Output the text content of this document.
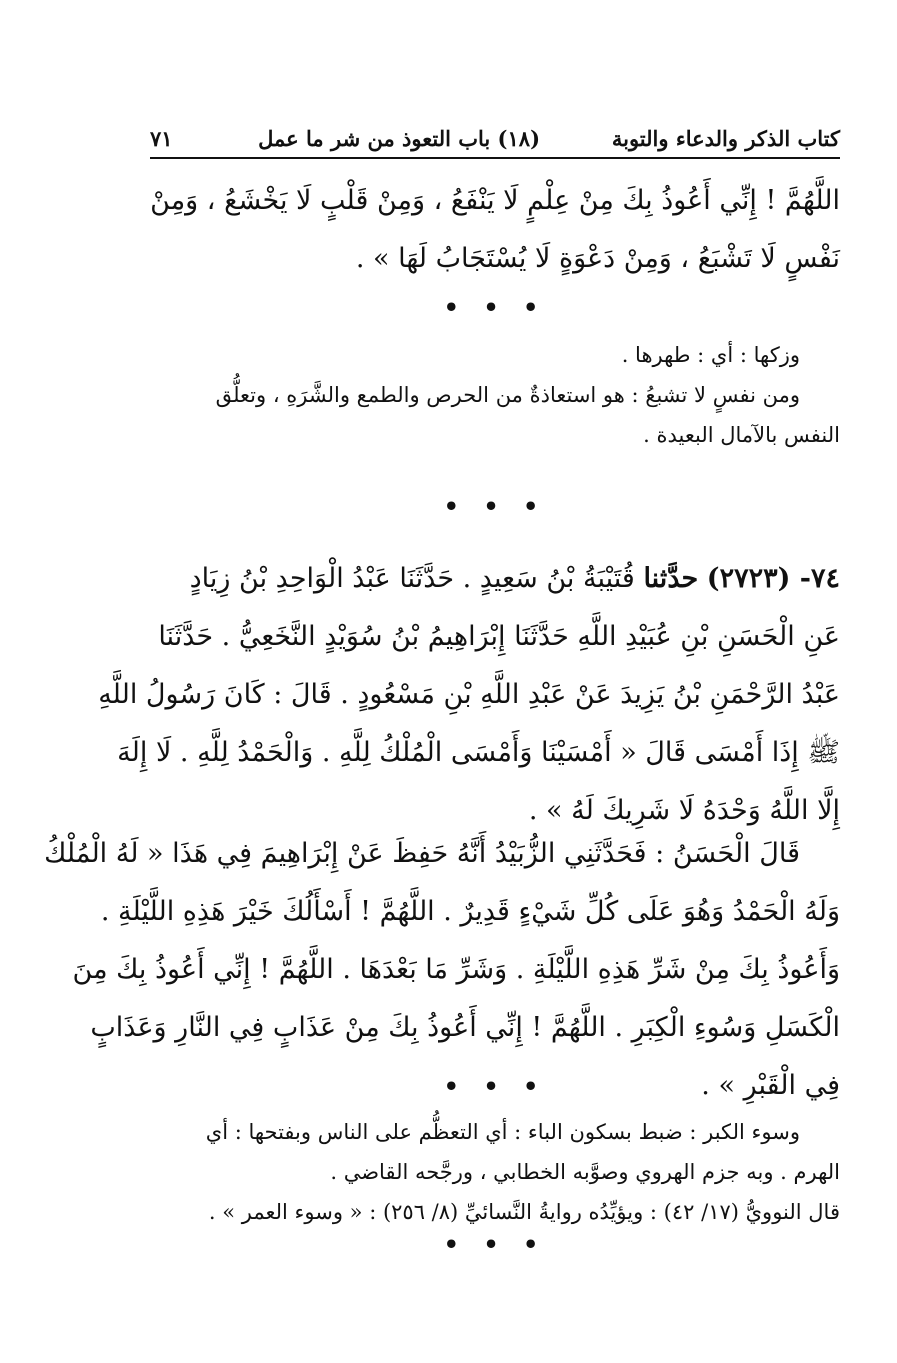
كتاب الذكر والدعاء والتوبة
(١٨) باب التعوذ من شر ما عمل
٧١
اللَّهُمَّ ! إِنِّي أَعُوذُ بِكَ مِنْ عِلْمٍ لَا يَنْفَعُ ، وَمِنْ قَلْبٍ لَا يَخْشَعُ ، وَمِنْ
نَفْسٍ لَا تَشْبَعُ ، وَمِنْ دَعْوَةٍ لَا يُسْتَجَابُ لَهَا » .
• • •
وزكها : أي : طهرها .
ومن نفسٍ لا تشبعُ : هو استعاذةٌ من الحرص والطمع والشَّرَهِ ، وتعلُّق
النفس بالآمال البعيدة .
• • •
٧٤- (٢٧٢٣) حدَّثنا قُتَيْبَةُ بْنُ سَعِيدٍ . حَدَّثَنَا عَبْدُ الْوَاحِدِ بْنُ زِيَادٍ
عَنِ الْحَسَنِ بْنِ عُبَيْدِ اللَّهِ حَدَّثَنَا إِبْرَاهِيمُ بْنُ سُوَيْدٍ النَّخَعِيُّ . حَدَّثَنَا
عَبْدُ الرَّحْمَنِ بْنُ يَزِيدَ عَنْ عَبْدِ اللَّهِ بْنِ مَسْعُودٍ . قَالَ : كَانَ رَسُولُ اللَّهِ
ﷺ إِذَا أَمْسَى قَالَ « أَمْسَيْنَا وَأَمْسَى الْمُلْكُ لِلَّهِ . وَالْحَمْدُ لِلَّهِ . لَا إِلَهَ
إِلَّا اللَّهُ وَحْدَهُ لَا شَرِيكَ لَهُ » .
قَالَ الْحَسَنُ : فَحَدَّثَنِي الزُّبَيْدُ أَنَّهُ حَفِظَ عَنْ إِبْرَاهِيمَ فِي هَذَا « لَهُ الْمُلْكُ
وَلَهُ الْحَمْدُ وَهُوَ عَلَى كُلِّ شَيْءٍ قَدِيرٌ . اللَّهُمَّ ! أَسْأَلُكَ خَيْرَ هَذِهِ اللَّيْلَةِ .
وَأَعُوذُ بِكَ مِنْ شَرِّ هَذِهِ اللَّيْلَةِ . وَشَرِّ مَا بَعْدَهَا . اللَّهُمَّ ! إِنِّي أَعُوذُ بِكَ مِنَ
الْكَسَلِ وَسُوءِ الْكِبَرِ . اللَّهُمَّ ! إِنِّي أَعُوذُ بِكَ مِنْ عَذَابٍ فِي النَّارِ وَعَذَابٍ
فِي الْقَبْرِ » .
• • •
وسوء الكبر : ضبط بسكون الباء : أي التعظُّم على الناس وبفتحها : أي
الهرم . وبه جزم الهروي وصوَّبه الخطابي ، ورجَّحه القاضي .
قال النوويُّ (١٧/ ٤٢) : ويؤيِّدُه روايةُ النَّسائيِّ (٨/ ٢٥٦) : « وسوء العمر » .
• • •
